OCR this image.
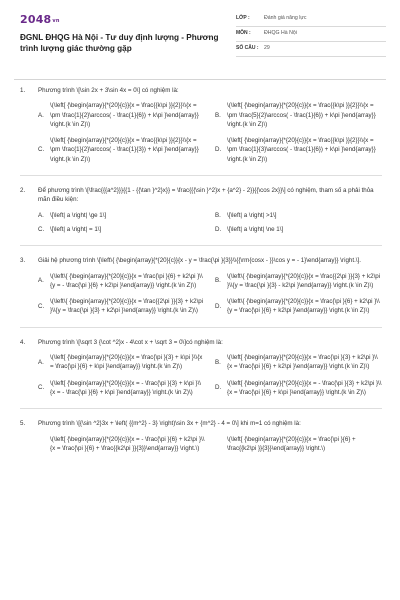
2048vn
ĐGNL ĐHQG Hà Nội - Tư duy định lượng - Phương trình lượng giác thường gặp
LỚP :	Đánh giá năng lực
MÔN :	ĐHQG Hà Nội
SỐ CÂU :	29
1.	Phương trình \[\sin 2x + 3\sin 4x = 0\] có nghiệm là:
A.
\(\left[ {\begin{array}{*{20}{c}}{x = \frac{{k\pi }}{2}}\\{x = \pm \frac{1}{2}\arccos( - \frac{1}{6}) + k\pi }\end{array}} \right.(k \in Z)\)
B.
\(\left[ {\begin{array}{*{20}{c}}{x = \frac{{k\pi }}{2}}\\{x = \pm \frac{5}{2}\arccos( - \frac{1}{6}) + k\pi }\end{array}} \right.(k \in Z)\)
C.
\(\left[ {\begin{array}{*{20}{c}}{x = \frac{{k\pi }}{2}}\\{x = \pm \frac{1}{2}\arccos( - \frac{1}{3}) + k\pi }\end{array}} \right.(k \in Z)\)
D.
\(\left[ {\begin{array}{*{20}{c}}{x = \frac{{k\pi }}{2}}\\{x = \pm \frac{1}{3}\arccos( - \frac{1}{6}) + k\pi }\end{array}} \right.(k \in Z)\)
2.	Để phương trình \[\frac{{{a^2}}}{{1 - {{\tan }^2}x}} = \frac{{{\sin }^2}x + {a^2} - 2}}{{\cos 2x}}\] có nghiệm, tham số a phải thỏa mãn điều kiện:
A. \[\left| a \right| \ge 1\]	B. \[\left| a \right| >1\]
C. \[\left| a \right| = 1\]	D. \[\left| a \right| \ne 1\]
3.	Giải hệ phương trình \[\left\{ {\begin{array}{*{20}{c}}{x - y = \frac{\pi }{3}}\\{{\rm{cosx - }}\cos y = - 1}\end{array}} \right.\].
A.
\(\left\{ {\begin{array}{*{20}{c}}{x = \frac{\pi }{6} + k2\pi }\\{y = - \frac{\pi }{6} + k2\pi }\end{array}} \right.(k \in Z)\)
B.
\(\left\{ {\begin{array}{*{20}{c}}{x = \frac{{2\pi }}{3} + k2\pi }\\{y = \frac{\pi }{3} - k2\pi }\end{array}} \right.(k \in Z)\)
C.
\(\left\{ {\begin{array}{*{20}{c}}{x = \frac{{2\pi }}{3} + k2\pi }\\{y = \frac{\pi }{3} + k2\pi }\end{array}} \right.(k \in Z)\)
D.
\(\left\{ {\begin{array}{*{20}{c}}{x = \frac{\pi }{6} + k2\pi }\\{y = \frac{\pi }{6} + k2\pi }\end{array}} \right.(k \in Z)\)
4.	Phương trình \[\sqrt 3 {\cot ^2}x - 4\cot x + \sqrt 3 = 0\]có nghiệm là:
A.
\(\left[ {\begin{array}{*{20}{c}}{x = \frac{\pi }{3} + k\pi }\\{x = \frac{\pi }{6} + k\pi }\end{array}} \right.(k \in Z)\)
B.
\(\left[ {\begin{array}{*{20}{c}}{x = \frac{\pi }{3} + k2\pi }\\{x = \frac{\pi }{6} + k2\pi }\end{array}} \right.(k \in Z)\)
C.
\(\left[ {\begin{array}{*{20}{c}}{x = - \frac{\pi }{3} + k\pi }\\{x = - \frac{\pi }{6} + k\pi }\end{array}} \right.(k \in Z)\)
D.
\(\left[ {\begin{array}{*{20}{c}}{x = - \frac{\pi }{3} + k2\pi }\\{x = \frac{\pi }{6} + k\pi }\end{array}} \right.(k \in Z)\)
5.	Phương trình \[{\sin ^2}3x + \left( {{m^2} - 3} \right)\sin 3x + {m^2} - 4 = 0\] khi m=1 có nghiệm là:
\(\left[ {\begin{array}{*{20}{c}}{x = - \frac{\pi }{6} + k2\pi }\\{x = \frac{\pi }{6} + \frac{{k2\pi }}{3}}\end{array}} \right.\)
\(\left[ {\begin{array}{*{20}{c}}{x = \frac{\pi }{6} + \frac{{k2\pi }}{3}}\end{array}} \right.\)
